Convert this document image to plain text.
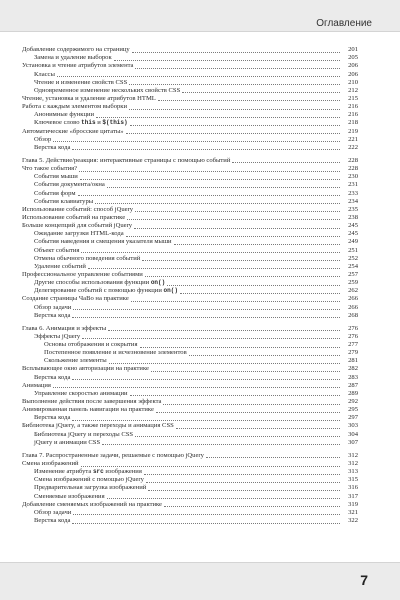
Оглавление
Добавление содержимого на страницу	201
Замена и удаление выборок	205
Установка и чтение атрибутов элемента	206
Классы	206
Чтение и изменение свойств CSS	210
Одновременное изменение нескольких свойств CSS	212
Чтение, установка и удаление атрибутов HTML	215
Работа с каждым элементом выборки	216
Анонимные функции	216
Ключевое слово this и $(this)	218
Автоматические «бросские цитаты»	219
Обзор	221
Верстка кода	222
Глава 5. Действие/реакция: интерактивные страницы с помощью событий	228
Что такое события?	228
События мыши	230
События документа/окна	231
События форм	233
События клавиатуры	234
Использование событий: способ jQuery	235
Использование событий на практике	238
Больше концепций для событий jQuery	245
Ожидание загрузки HTML-кода	245
События наведения и смещения указателя мыши	249
Объект события	251
Отмена обычного поведения событий	252
Удаление событий	254
Профессиональное управление событиями	257
Другие способы использования функции on()	259
Делегирование событий с помощью функции on()	262
Создание страницы ЧаВо на практике	266
Обзор задачи	266
Верстка кода	268
Глава 6. Анимация и эффекты	276
Эффекты jQuery	276
Основы отображения и сокрытия	277
Постепенное появление и исчезновение элементов	279
Скольжение элементы	281
Всплывающее окно авторизации на практике	282
Верстка кода	283
Анимация	287
Управление скоростью анимации	289
Выполнение действия после завершения эффекта	292
Анимированная панель навигации на практике	295
Верстка кода	297
Библиотека jQuery, а также переходы и анимация CSS	303
Библиотека jQuery и переходы CSS	304
jQuery и анимации CSS	307
Глава 7. Распространенные задачи, решаемые с помощью jQuery	312
Смена изображений	312
Изменение атрибута src изображения	313
Смена изображений с помощью jQuery	315
Предварительная загрузка изображений	316
Сменяемые изображения	317
Добавление сменяемых изображений на практике	319
Обзор задачи	321
Верстка кода	322
7
